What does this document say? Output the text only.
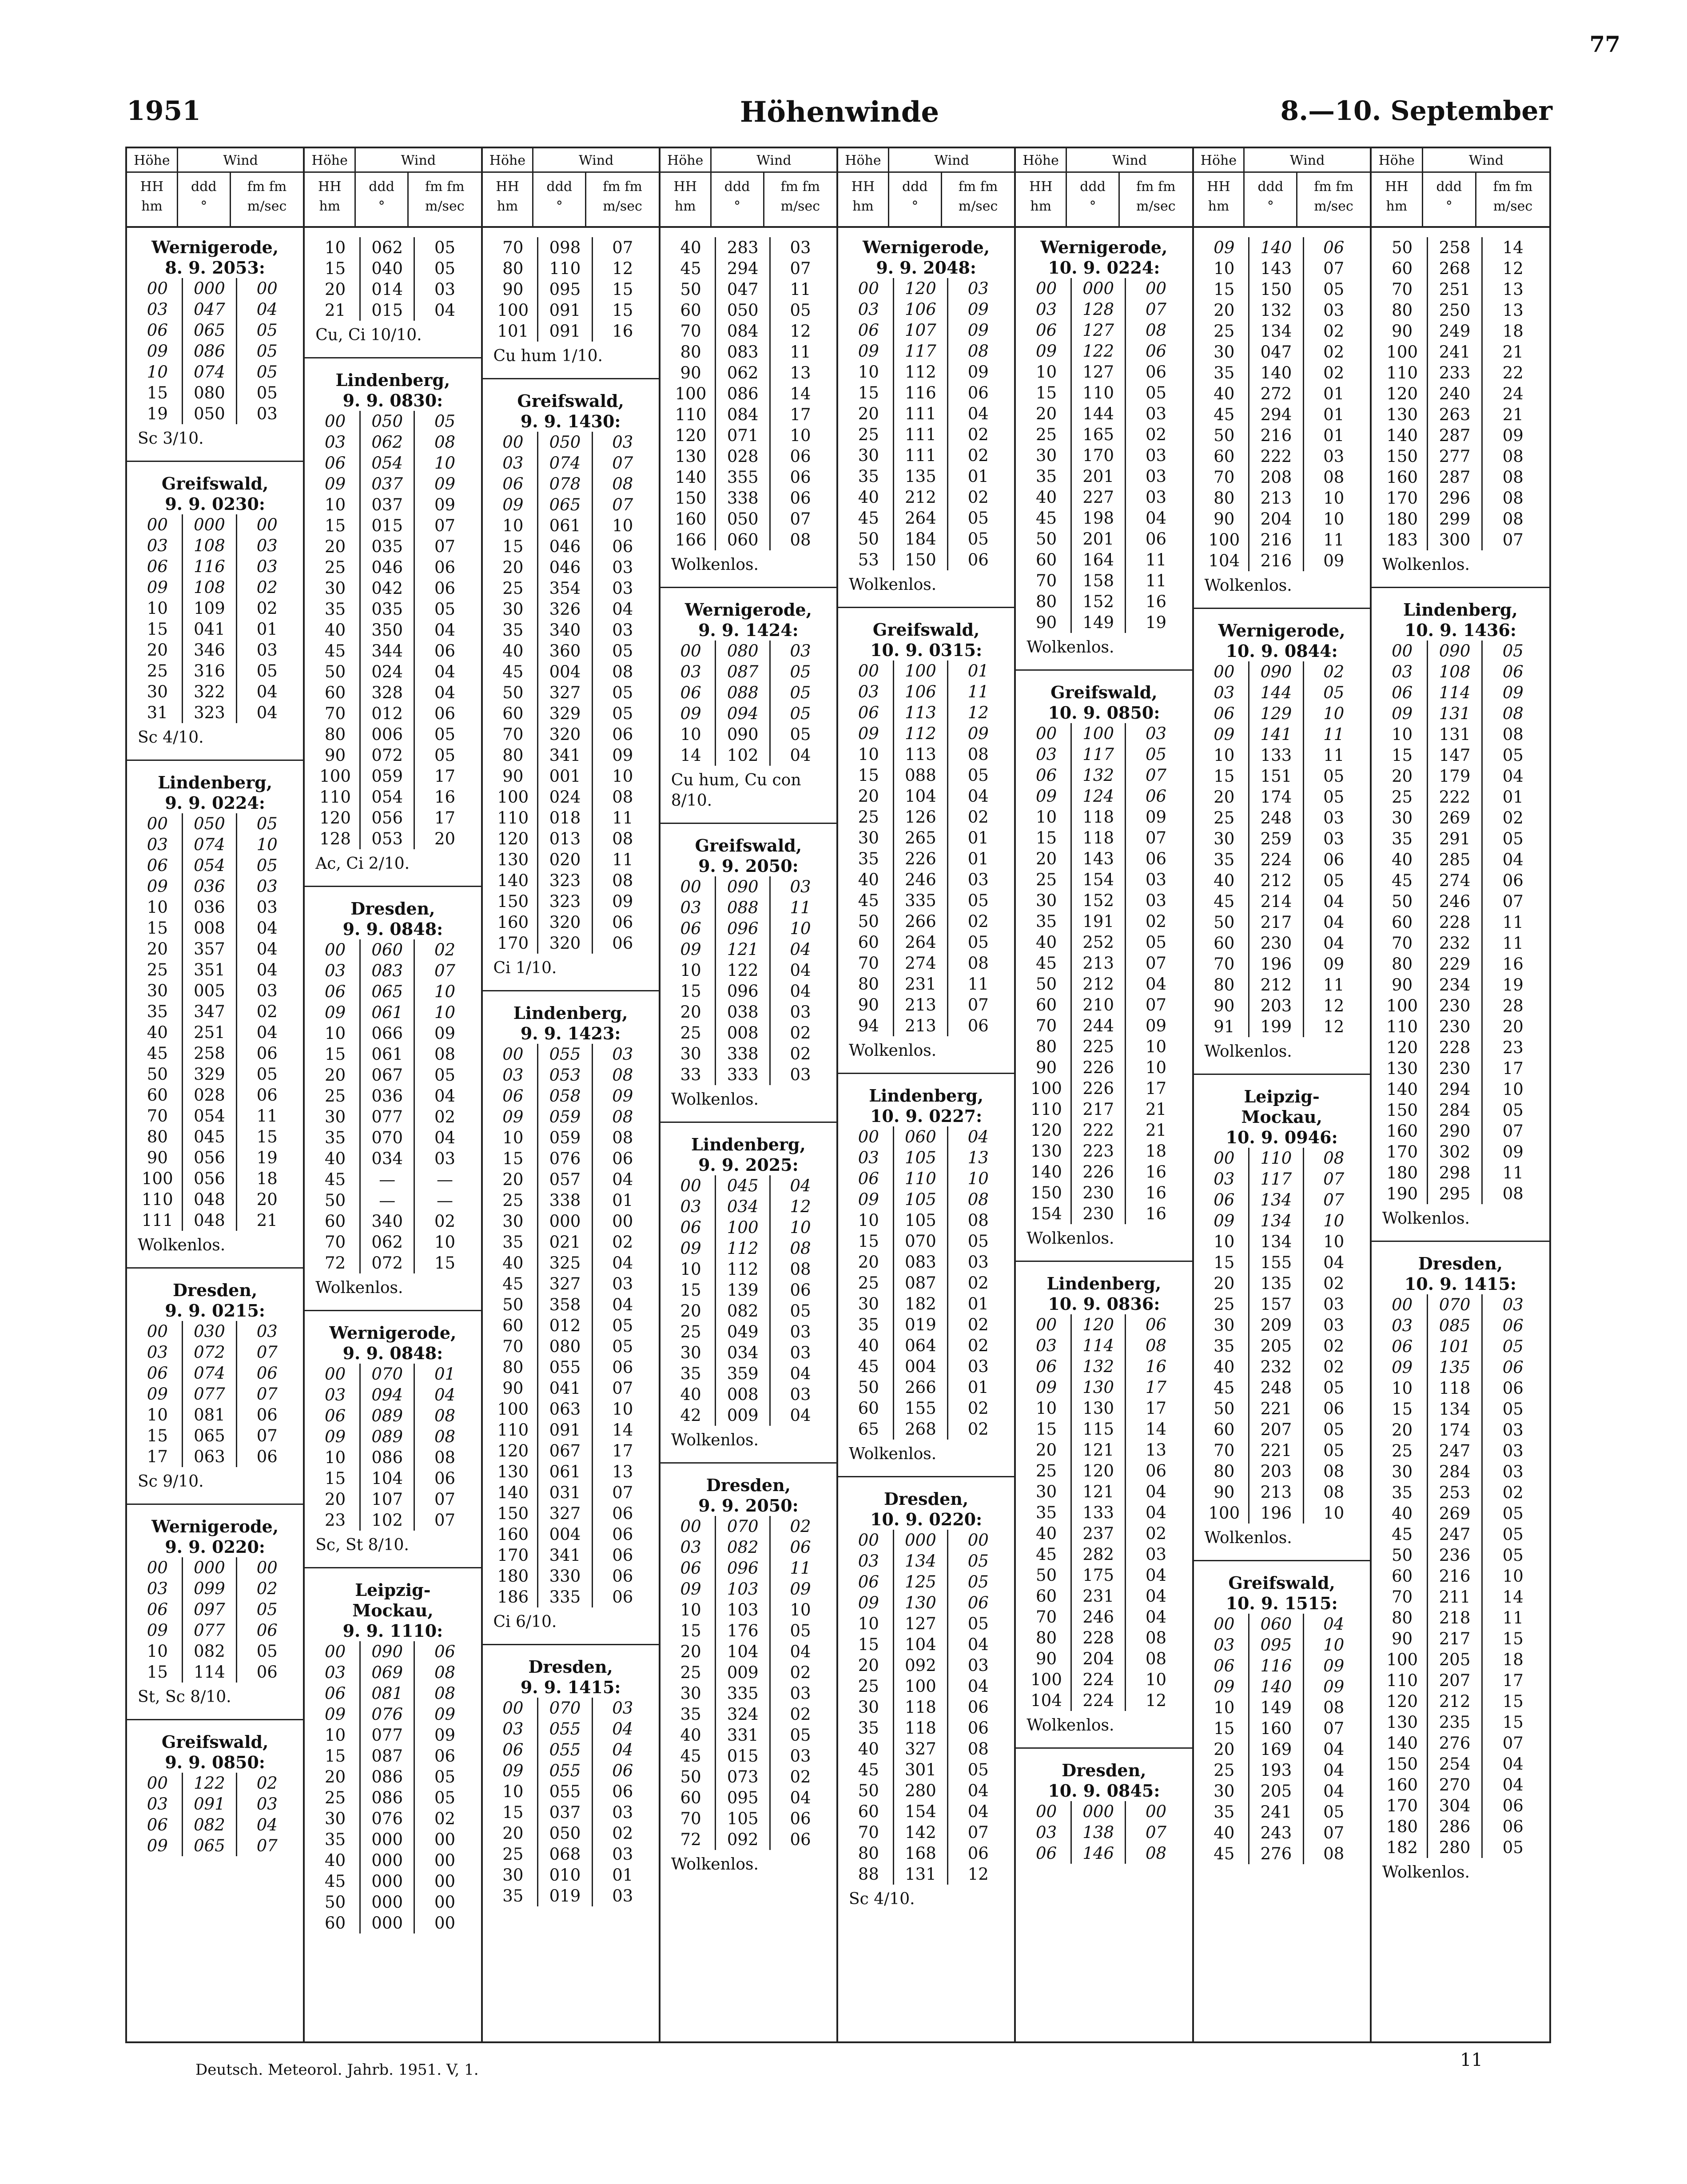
77
1951	Höhenwinde	8.—10. September
Höhe	Wind
HH
hm
ddd
°
fm fm
m/sec
Wernigerode,
8. 9. 2053:
00	000	00
03	047	04
06	065	05
09	086	05
10	074	05
15	080	05
19	050	03
Sc 3/10.
Greifswald,
9. 9. 0230:
00	000	00
03	108	03
06	116	03
09	108	02
10	109	02
15	041	01
20	346	03
25	316	05
30	322	04
31	323	04
Sc 4/10.
Lindenberg,
9. 9. 0224:
00	050	05
03	074	10
06	054	05
09	036	03
10	036	03
15	008	04
20	357	04
25	351	04
30	005	03
35	347	02
40	251	04
45	258	06
50	329	05
60	028	06
70	054	11
80	045	15
90	056	19
100	056	18
110	048	20
111	048	21
Wolkenlos.
Dresden,
9. 9. 0215:
00	030	03
03	072	07
06	074	06
09	077	07
10	081	06
15	065	07
17	063	06
Sc 9/10.
Wernigerode,
9. 9. 0220:
00	000	00
03	099	02
06	097	05
09	077	06
10	082	05
15	114	06
St, Sc 8/10.
Greifswald,
9. 9. 0850:
00	122	02
03	091	03
06	082	04
09	065	07
Höhe	Wind
HH
hm
ddd
°
fm fm
m/sec
10	062	05
15	040	05
20	014	03
21	015	04
Cu, Ci 10/10.
Lindenberg,
9. 9. 0830:
00	050	05
03	062	08
06	054	10
09	037	09
10	037	09
15	015	07
20	035	07
25	046	06
30	042	06
35	035	05
40	350	04
45	344	06
50	024	04
60	328	04
70	012	06
80	006	05
90	072	05
100	059	17
110	054	16
120	056	17
128	053	20
Ac, Ci 2/10.
Dresden,
9. 9. 0848:
00	060	02
03	083	07
06	065	10
09	061	10
10	066	09
15	061	08
20	067	05
25	036	04
30	077	02
35	070	04
40	034	03
45	—	—
50	—	—
60	340	02
70	062	10
72	072	15
Wolkenlos.
Wernigerode,
9. 9. 0848:
00	070	01
03	094	04
06	089	08
09	089	08
10	086	08
15	104	06
20	107	07
23	102	07
Sc, St 8/10.
Leipzig-
Mockau,
9. 9. 1110:
00	090	06
03	069	08
06	081	08
09	076	09
10	077	09
15	087	06
20	086	05
25	086	05
30	076	02
35	000	00
40	000	00
45	000	00
50	000	00
60	000	00
Höhe	Wind
HH
hm
ddd
°
fm fm
m/sec
70	098	07
80	110	12
90	095	15
100	091	15
101	091	16
Cu hum 1/10.
Greifswald,
9. 9. 1430:
00	050	03
03	074	07
06	078	08
09	065	07
10	061	10
15	046	06
20	046	03
25	354	03
30	326	04
35	340	03
40	360	05
45	004	08
50	327	05
60	329	05
70	320	06
80	341	09
90	001	10
100	024	08
110	018	11
120	013	08
130	020	11
140	323	08
150	323	09
160	320	06
170	320	06
Ci 1/10.
Lindenberg,
9. 9. 1423:
00	055	03
03	053	08
06	058	09
09	059	08
10	059	08
15	076	06
20	057	04
25	338	01
30	000	00
35	021	02
40	325	04
45	327	03
50	358	04
60	012	05
70	080	05
80	055	06
90	041	07
100	063	10
110	091	14
120	067	17
130	061	13
140	031	07
150	327	06
160	004	06
170	341	06
180	330	06
186	335	06
Ci 6/10.
Dresden,
9. 9. 1415:
00	070	03
03	055	04
06	055	04
09	055	06
10	055	06
15	037	03
20	050	02
25	068	03
30	010	01
35	019	03
Höhe	Wind
HH
hm
ddd
°
fm fm
m/sec
40	283	03
45	294	07
50	047	11
60	050	05
70	084	12
80	083	11
90	062	13
100	086	14
110	084	17
120	071	10
130	028	06
140	355	06
150	338	06
160	050	07
166	060	08
Wolkenlos.
Wernigerode,
9. 9. 1424:
00	080	03
03	087	05
06	088	05
09	094	05
10	090	05
14	102	04
Cu hum, Cu con 8/10.
Greifswald,
9. 9. 2050:
00	090	03
03	088	11
06	096	10
09	121	04
10	122	04
15	096	04
20	038	03
25	008	02
30	338	02
33	333	03
Wolkenlos.
Lindenberg,
9. 9. 2025:
00	045	04
03	034	12
06	100	10
09	112	08
10	112	08
15	139	06
20	082	05
25	049	03
30	034	03
35	359	04
40	008	03
42	009	04
Wolkenlos.
Dresden,
9. 9. 2050:
00	070	02
03	082	06
06	096	11
09	103	09
10	103	10
15	176	05
20	104	04
25	009	02
30	335	03
35	324	02
40	331	05
45	015	03
50	073	02
60	095	04
70	105	06
72	092	06
Wolkenlos.
Höhe	Wind
HH
hm
ddd
°
fm fm
m/sec
Wernigerode,
9. 9. 2048:
00	120	03
03	106	09
06	107	09
09	117	08
10	112	09
15	116	06
20	111	04
25	111	02
30	111	02
35	135	01
40	212	02
45	264	05
50	184	05
53	150	06
Wolkenlos.
Greifswald,
10. 9. 0315:
00	100	01
03	106	11
06	113	12
09	112	09
10	113	08
15	088	05
20	104	04
25	126	02
30	265	01
35	226	01
40	246	03
45	335	05
50	266	02
60	264	05
70	274	08
80	231	11
90	213	07
94	213	06
Wolkenlos.
Lindenberg,
10. 9. 0227:
00	060	04
03	105	13
06	110	10
09	105	08
10	105	08
15	070	05
20	083	03
25	087	02
30	182	01
35	019	02
40	064	02
45	004	03
50	266	01
60	155	02
65	268	02
Wolkenlos.
Dresden,
10. 9. 0220:
00	000	00
03	134	05
06	125	05
09	130	06
10	127	05
15	104	04
20	092	03
25	100	04
30	118	06
35	118	06
40	327	08
45	301	05
50	280	04
60	154	04
70	142	07
80	168	06
88	131	12
Sc 4/10.
Höhe	Wind
HH
hm
ddd
°
fm fm
m/sec
Wernigerode,
10. 9. 0224:
00	000	00
03	128	07
06	127	08
09	122	06
10	127	06
15	110	05
20	144	03
25	165	02
30	170	03
35	201	03
40	227	03
45	198	04
50	201	06
60	164	11
70	158	11
80	152	16
90	149	19
Wolkenlos.
Greifswald,
10. 9. 0850:
00	100	03
03	117	05
06	132	07
09	124	06
10	118	09
15	118	07
20	143	06
25	154	03
30	152	03
35	191	02
40	252	05
45	213	07
50	212	04
60	210	07
70	244	09
80	225	10
90	226	10
100	226	17
110	217	21
120	222	21
130	223	18
140	226	16
150	230	16
154	230	16
Wolkenlos.
Lindenberg,
10. 9. 0836:
00	120	06
03	114	08
06	132	16
09	130	17
10	130	17
15	115	14
20	121	13
25	120	06
30	121	04
35	133	04
40	237	02
45	282	03
50	175	04
60	231	04
70	246	04
80	228	08
90	204	08
100	224	10
104	224	12
Wolkenlos.
Dresden,
10. 9. 0845:
00	000	00
03	138	07
06	146	08
Höhe	Wind
HH
hm
ddd
°
fm fm
m/sec
09	140	06
10	143	07
15	150	05
20	132	03
25	134	02
30	047	02
35	140	02
40	272	01
45	294	01
50	216	01
60	222	03
70	208	08
80	213	10
90	204	10
100	216	11
104	216	09
Wolkenlos.
Wernigerode,
10. 9. 0844:
00	090	02
03	144	05
06	129	10
09	141	11
10	133	11
15	151	05
20	174	05
25	248	03
30	259	03
35	224	06
40	212	05
45	214	04
50	217	04
60	230	04
70	196	09
80	212	11
90	203	12
91	199	12
Wolkenlos.
Leipzig-
Mockau,
10. 9. 0946:
00	110	08
03	117	07
06	134	07
09	134	10
10	134	10
15	155	04
20	135	02
25	157	03
30	209	03
35	205	02
40	232	02
45	248	05
50	221	06
60	207	05
70	221	05
80	203	08
90	213	08
100	196	10
Wolkenlos.
Greifswald,
10. 9. 1515:
00	060	04
03	095	10
06	116	09
09	140	09
10	149	08
15	160	07
20	169	04
25	193	04
30	205	04
35	241	05
40	243	07
45	276	08
Höhe	Wind
HH
hm
ddd
°
fm fm
m/sec
50	258	14
60	268	12
70	251	13
80	250	13
90	249	18
100	241	21
110	233	22
120	240	24
130	263	21
140	287	09
150	277	08
160	287	08
170	296	08
180	299	08
183	300	07
Wolkenlos.
Lindenberg,
10. 9. 1436:
00	090	05
03	108	06
06	114	09
09	131	08
10	131	08
15	147	05
20	179	04
25	222	01
30	269	02
35	291	05
40	285	04
45	274	06
50	246	07
60	228	11
70	232	11
80	229	16
90	234	19
100	230	28
110	230	20
120	228	23
130	230	17
140	294	10
150	284	05
160	290	07
170	302	09
180	298	11
190	295	08
Wolkenlos.
Dresden,
10. 9. 1415:
00	070	03
03	085	06
06	101	05
09	135	06
10	118	06
15	134	05
20	174	03
25	247	03
30	284	03
35	253	02
40	269	05
45	247	05
50	236	05
60	216	10
70	211	14
80	218	11
90	217	15
100	205	18
110	207	17
120	212	15
130	235	15
140	276	07
150	254	04
160	270	04
170	304	06
180	286	06
182	280	05
Wolkenlos.
Deutsch. Meteorol. Jahrb. 1951. V, 1.	11
